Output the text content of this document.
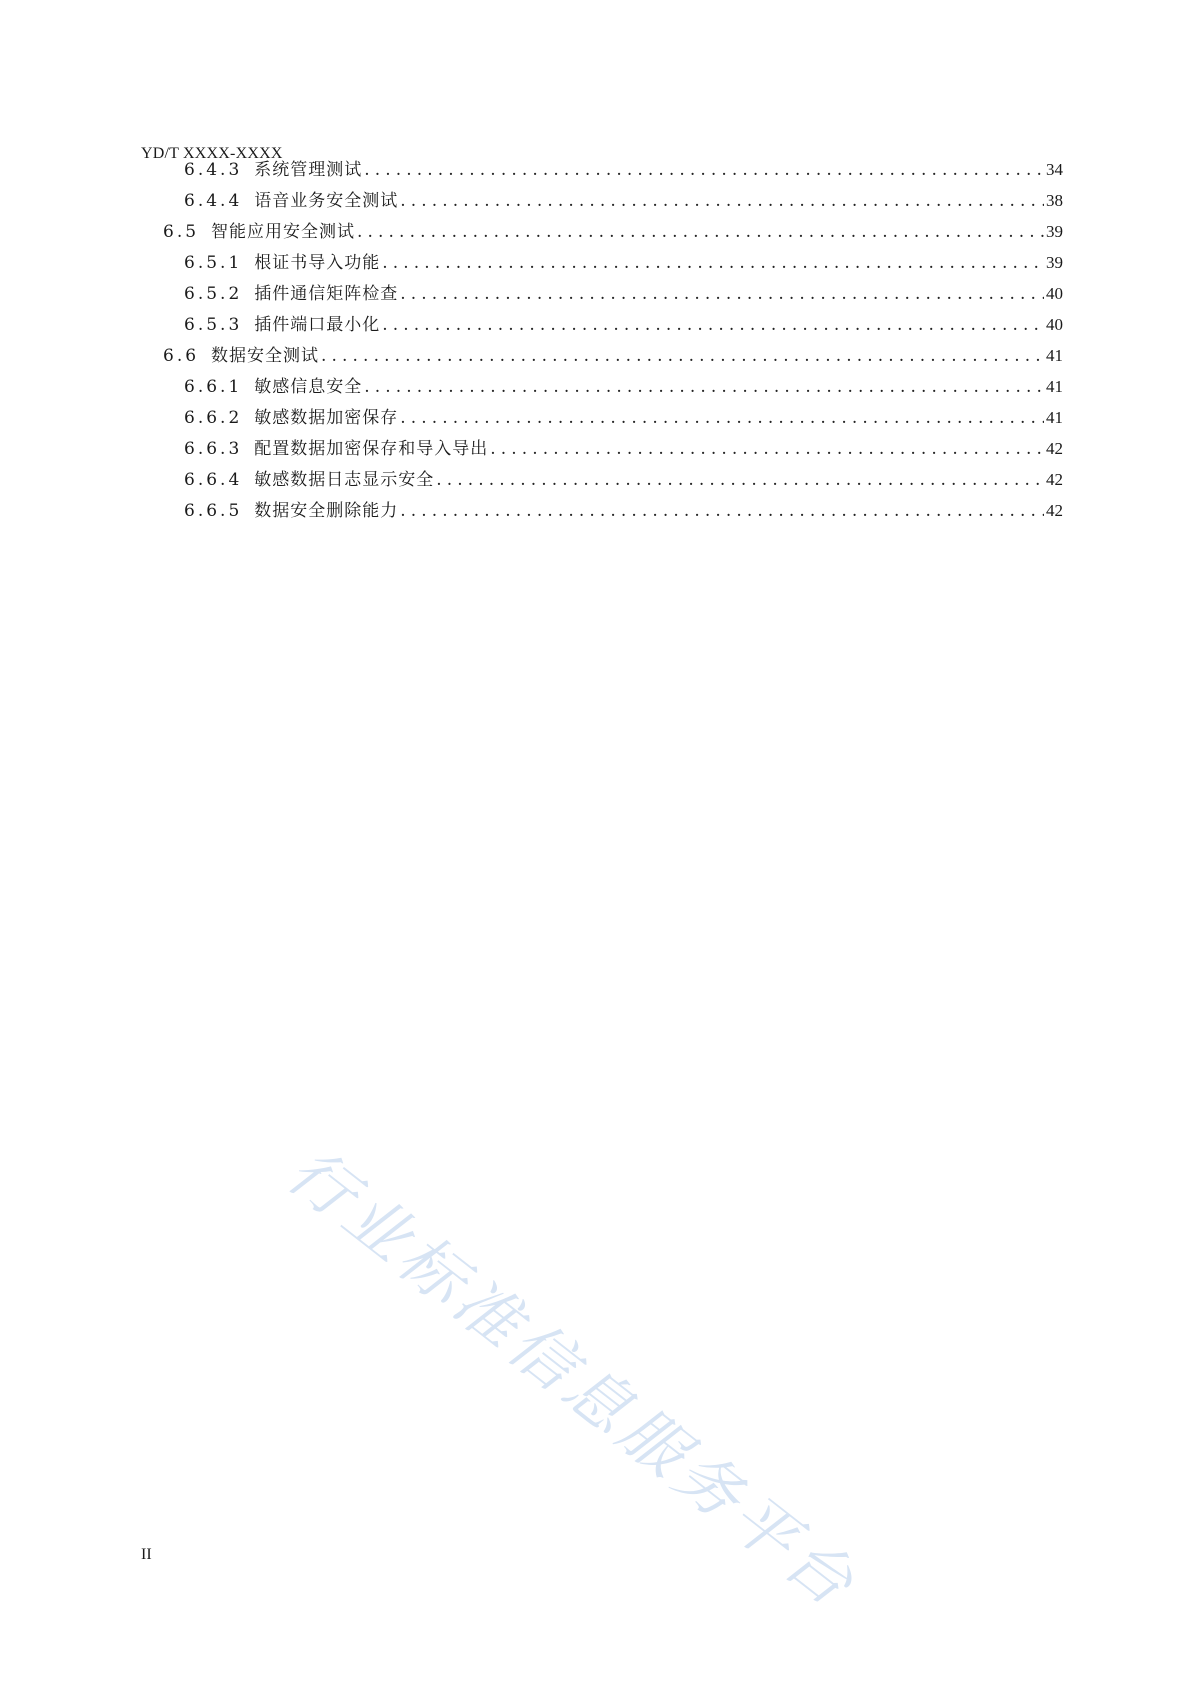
YD/T XXXX-XXXX
6.4.3 系统管理测试 .....	34
6.4.4 语音业务安全测试 .....	38
6.5 智能应用安全测试 .....	39
6.5.1 根证书导入功能 .....	39
6.5.2 插件通信矩阵检查 .....	40
6.5.3 插件端口最小化 .....	40
6.6 数据安全测试 .....	41
6.6.1 敏感信息安全 .....	41
6.6.2 敏感数据加密保存 .....	41
6.6.3 配置数据加密保存和导入导出 .....	42
6.6.4 敏感数据日志显示安全 .....	42
6.6.5 数据安全删除能力 .....	42
II 行业标准信息服务平台
